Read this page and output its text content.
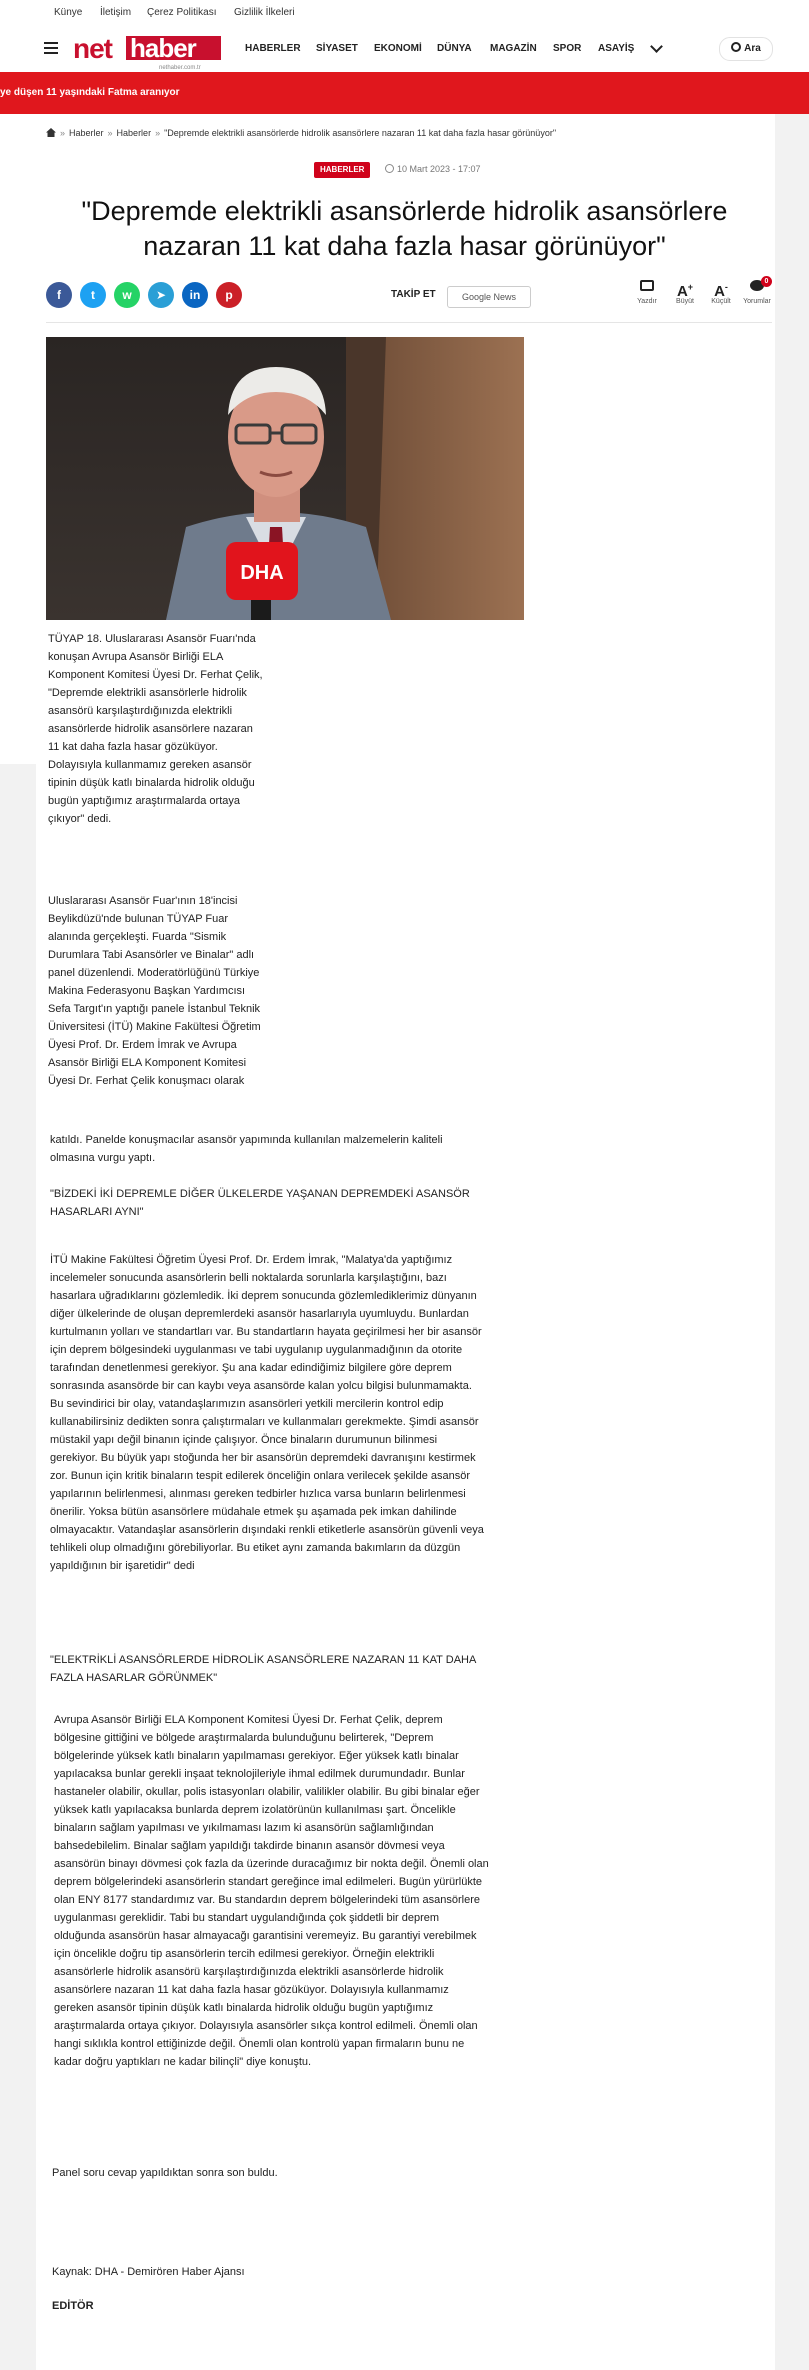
Künye İletişim Çerez Politikası Gizlilik İlkeleri
net haber
nethaber.com.tr
HABERLER SİYASET EKONOMİ DÜNYA MAGAZİN SPOR ASAYİŞ	Ara
ye düşen 11 yaşındaki Fatma aranıyor
» Haberler » Haberler » "Depremde elektrikli asansörlerde hidrolik asansörlere nazaran 11 kat daha fazla hasar görünüyor"
HABERLER	10 Mart 2023 - 17:07
"Depremde elektrikli asansörlerde hidrolik asansörlere
nazaran 11 kat daha fazla hasar görünüyor"
f	t	w	➤	in	p	TAKİP ET	Google News	Yazdır
A+
Büyüt
A-
Küçült
0
Yorumlar
DHA
TÜYAP 18. Uluslararası Asansör Fuarı'nda
konuşan Avrupa Asansör Birliği ELA
Komponent Komitesi Üyesi Dr. Ferhat Çelik,
"Depremde elektrikli asansörlerle hidrolik
asansörü karşılaştırdığınızda elektrikli
asansörlerde hidrolik asansörlere nazaran
11 kat daha fazla hasar gözüküyor.
Dolayısıyla kullanmamız gereken asansör
tipinin düşük katlı binalarda hidrolik olduğu
bugün yaptığımız araştırmalarda ortaya
çıkıyor" dedi.
Uluslararası Asansör Fuar'ının 18'incisi
Beylikdüzü'nde bulunan TÜYAP Fuar
alanında gerçekleşti. Fuarda "Sismik
Durumlara Tabi Asansörler ve Binalar" adlı
panel düzenlendi. Moderatörlüğünü Türkiye
Makina Federasyonu Başkan Yardımcısı
Sefa Targıt'ın yaptığı panele İstanbul Teknik
Üniversitesi (İTÜ) Makine Fakültesi Öğretim
Üyesi Prof. Dr. Erdem İmrak ve Avrupa
Asansör Birliği ELA Komponent Komitesi
Üyesi Dr. Ferhat Çelik konuşmacı olarak
katıldı. Panelde konuşmacılar asansör yapımında kullanılan malzemelerin kaliteli
olmasına vurgu yaptı.
"BİZDEKİ İKİ DEPREMLE DİĞER ÜLKELERDE YAŞANAN DEPREMDEKİ ASANSÖR
HASARLARI AYNI"
İTÜ Makine Fakültesi Öğretim Üyesi Prof. Dr. Erdem İmrak, "Malatya'da yaptığımız
incelemeler sonucunda asansörlerin belli noktalarda sorunlarla karşılaştığını, bazı
hasarlara uğradıklarını gözlemledik. İki deprem sonucunda gözlemlediklerimiz dünyanın
diğer ülkelerinde de oluşan depremlerdeki asansör hasarlarıyla uyumluydu. Bunlardan
kurtulmanın yolları ve standartları var. Bu standartların hayata geçirilmesi her bir asansör
için deprem bölgesindeki uygulanması ve tabi uygulanıp uygulanmadığının da otorite
tarafından denetlenmesi gerekiyor. Şu ana kadar edindiğimiz bilgilere göre deprem
sonrasında asansörde bir can kaybı veya asansörde kalan yolcu bilgisi bulunmamakta.
Bu sevindirici bir olay, vatandaşlarımızın asansörleri yetkili mercilerin kontrol edip
kullanabilirsiniz dedikten sonra çalıştırmaları ve kullanmaları gerekmekte. Şimdi asansör
müstakil yapı değil binanın içinde çalışıyor. Önce binaların durumunun bilinmesi
gerekiyor. Bu büyük yapı stoğunda her bir asansörün depremdeki davranışını kestirmek
zor. Bunun için kritik binaların tespit edilerek önceliğin onlara verilecek şekilde asansör
yapılarının belirlenmesi, alınması gereken tedbirler hızlıca varsa bunların belirlenmesi
önerilir. Yoksa bütün asansörlere müdahale etmek şu aşamada pek imkan dahilinde
olmayacaktır. Vatandaşlar asansörlerin dışındaki renkli etiketlerle asansörün güvenli veya
tehlikeli olup olmadığını görebiliyorlar. Bu etiket aynı zamanda bakımların da düzgün
yapıldığının bir işaretidir" dedi
"ELEKTRİKLİ ASANSÖRLERDE HİDROLİK ASANSÖRLERE NAZARAN 11 KAT DAHA
FAZLA HASARLAR GÖRÜNMEK"
Avrupa Asansör Birliği ELA Komponent Komitesi Üyesi Dr. Ferhat Çelik, deprem
bölgesine gittiğini ve bölgede araştırmalarda bulunduğunu belirterek, "Deprem
bölgelerinde yüksek katlı binaların yapılmaması gerekiyor. Eğer yüksek katlı binalar
yapılacaksa bunlar gerekli inşaat teknolojileriyle ihmal edilmek durumundadır. Bunlar
hastaneler olabilir, okullar, polis istasyonları olabilir, valilikler olabilir. Bu gibi binalar eğer
yüksek katlı yapılacaksa bunlarda deprem izolatörünün kullanılması şart. Öncelikle
binaların sağlam yapılması ve yıkılmaması lazım ki asansörün sağlamlığından
bahsedebilelim. Binalar sağlam yapıldığı takdirde binanın asansör dövmesi veya
asansörün binayı dövmesi çok fazla da üzerinde duracağımız bir nokta değil. Önemli olan
deprem bölgelerindeki asansörlerin standart gereğince imal edilmeleri. Bugün yürürlükte
olan ENY 8177 standardımız var. Bu standardın deprem bölgelerindeki tüm asansörlere
uygulanması gereklidir. Tabi bu standart uygulandığında çok şiddetli bir deprem
olduğunda asansörün hasar almayacağı garantisini veremeyiz. Bu garantiyi verebilmek
için öncelikle doğru tip asansörlerin tercih edilmesi gerekiyor. Örneğin elektrikli
asansörlerle hidrolik asansörü karşılaştırdığınızda elektrikli asansörlerde hidrolik
asansörlere nazaran 11 kat daha fazla hasar gözüküyor. Dolayısıyla kullanmamız
gereken asansör tipinin düşük katlı binalarda hidrolik olduğu bugün yaptığımız
araştırmalarda ortaya çıkıyor. Dolayısıyla asansörler sıkça kontrol edilmeli. Önemli olan
hangi sıklıkla kontrol ettiğinizde değil. Önemli olan kontrolü yapan firmaların bunu ne
kadar doğru yaptıkları ne kadar bilinçli" diye konuştu.
Panel soru cevap yapıldıktan sonra son buldu.
Kaynak: DHA - Demirören Haber Ajansı
EDİTÖR
